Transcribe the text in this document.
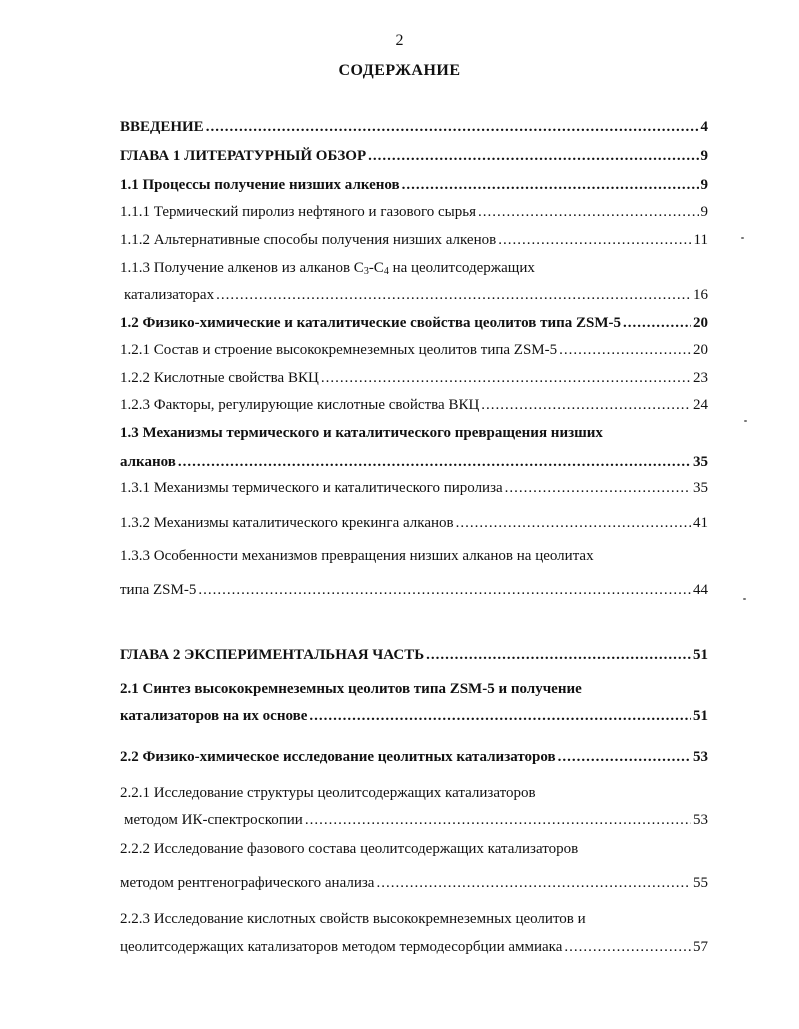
2
СОДЕРЖАНИЕ
ВВЕДЕНИЕ .....	4
ГЛАВА 1 ЛИТЕРАТУРНЫЙ ОБЗОР .....	9
1.1 Процессы получение низших алкенов .....	9
1.1.1 Термический пиролиз нефтяного и газового сырья .....	9
1.1.2 Альтернативные способы получения низших алкенов .....	11
1.1.3 Получение алкенов из алканов $C_3-C_4$ на цеолитсодержащих
катализаторах .....	16
1.2 Физико-химические и каталитические свойства цеолитов типа ZSM-5 .....	20
1.2.1 Состав и строение высококремнеземных цеолитов типа ZSM-5 .....	20
1.2.2 Кислотные свойства ВКЦ .....	23
1.2.3 Факторы, регулирующие кислотные свойства ВКЦ .....	24
1.3 Механизмы термического и каталитического превращения низших
алканов .....	35
1.3.1 Механизмы термического и каталитического пиролиза .....	35
1.3.2 Механизмы каталитического крекинга алканов .....	41
1.3.3 Особенности механизмов превращения низших алканов на цеолитах
типа ZSM-5 .....	44
ГЛАВА 2 ЭКСПЕРИМЕНТАЛЬНАЯ ЧАСТЬ .....	51
2.1 Синтез высококремнеземных цеолитов типа ZSM-5 и получение
катализаторов на их основе .....	51
2.2 Физико-химическое исследование цеолитных катализаторов .....	53
2.2.1 Исследование структуры цеолитсодержащих катализаторов
методом ИК-спектроскопии .....	53
2.2.2 Исследование фазового состава цеолитсодержащих катализаторов
методом рентгенографического анализа .....	55
2.2.3 Исследование кислотных свойств высококремнеземных цеолитов и
цеолитсодержащих катализаторов методом термодесорбции аммиака .....	57
